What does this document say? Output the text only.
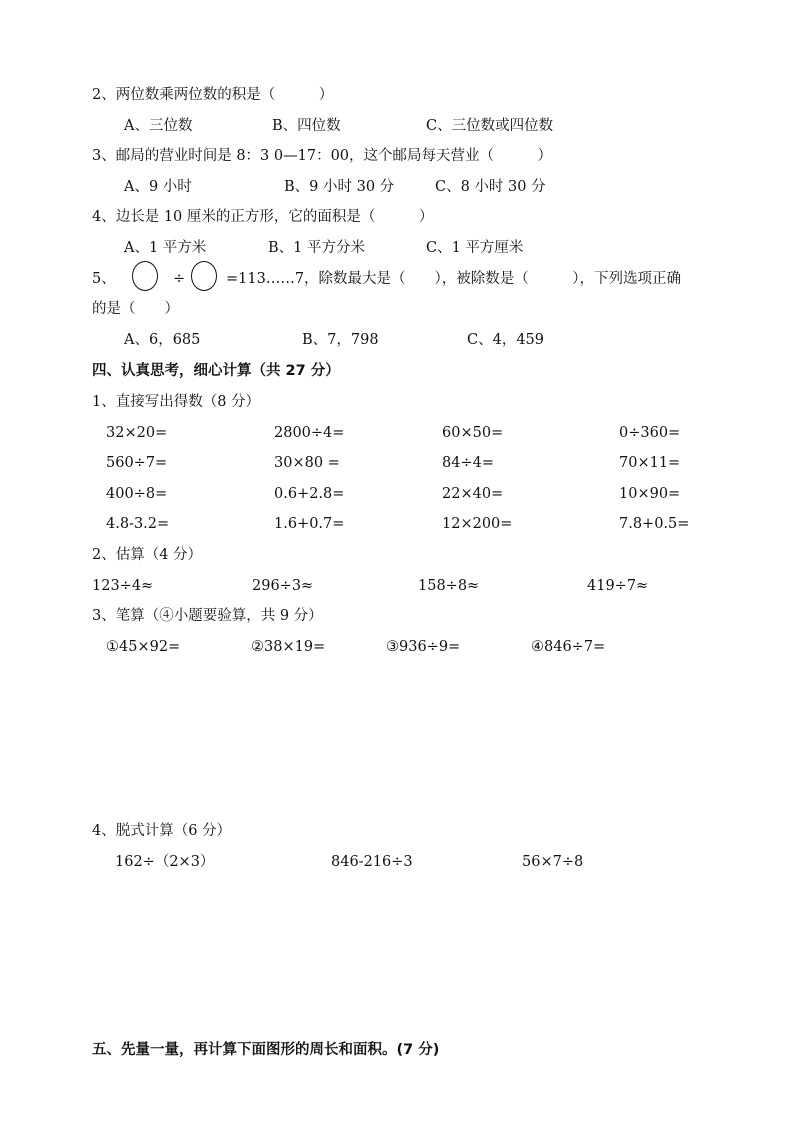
2、两位数乘两位数的积是（　　　）
A、三位数	B、四位数	C、三位数或四位数
3、邮局的营业时间是 8：3 0—17：00，这个邮局每天营业（　　　）
A、9 小时	B、9 小时 30 分	C、8 小时 30 分
4、边长是 10 厘米的正方形，它的面积是（　　　）
A、1 平方米	B、1 平方分米	C、1 平方厘米
5、	÷	=113……7，除数最大是（　　），被除数是（　　　），下列选项正确
的是（　　）
A、6，685	B、7，798	C、4，459
四、认真思考，细心计算（共 27 分）
1、直接写出得数（8 分）
32×20=	2800÷4=	60×50=	0÷360=
560÷7=	30×80 =	84÷4=	70×11=
400÷8=	0.6+2.8=	22×40=	10×90=
4.8-3.2=	1.6+0.7=	12×200=	7.8+0.5=
2、估算（4 分）
123÷4≈	296÷3≈	158÷8≈	419÷7≈
3、笔算（④小题要验算，共 9 分）
①45×92=	②38×19=	③936÷9=	④846÷7=
4、脱式计算（6 分）
162÷（2×3）	846-216÷3	56×7÷8
五、先量一量，再计算下面图形的周长和面积。(7 分)
